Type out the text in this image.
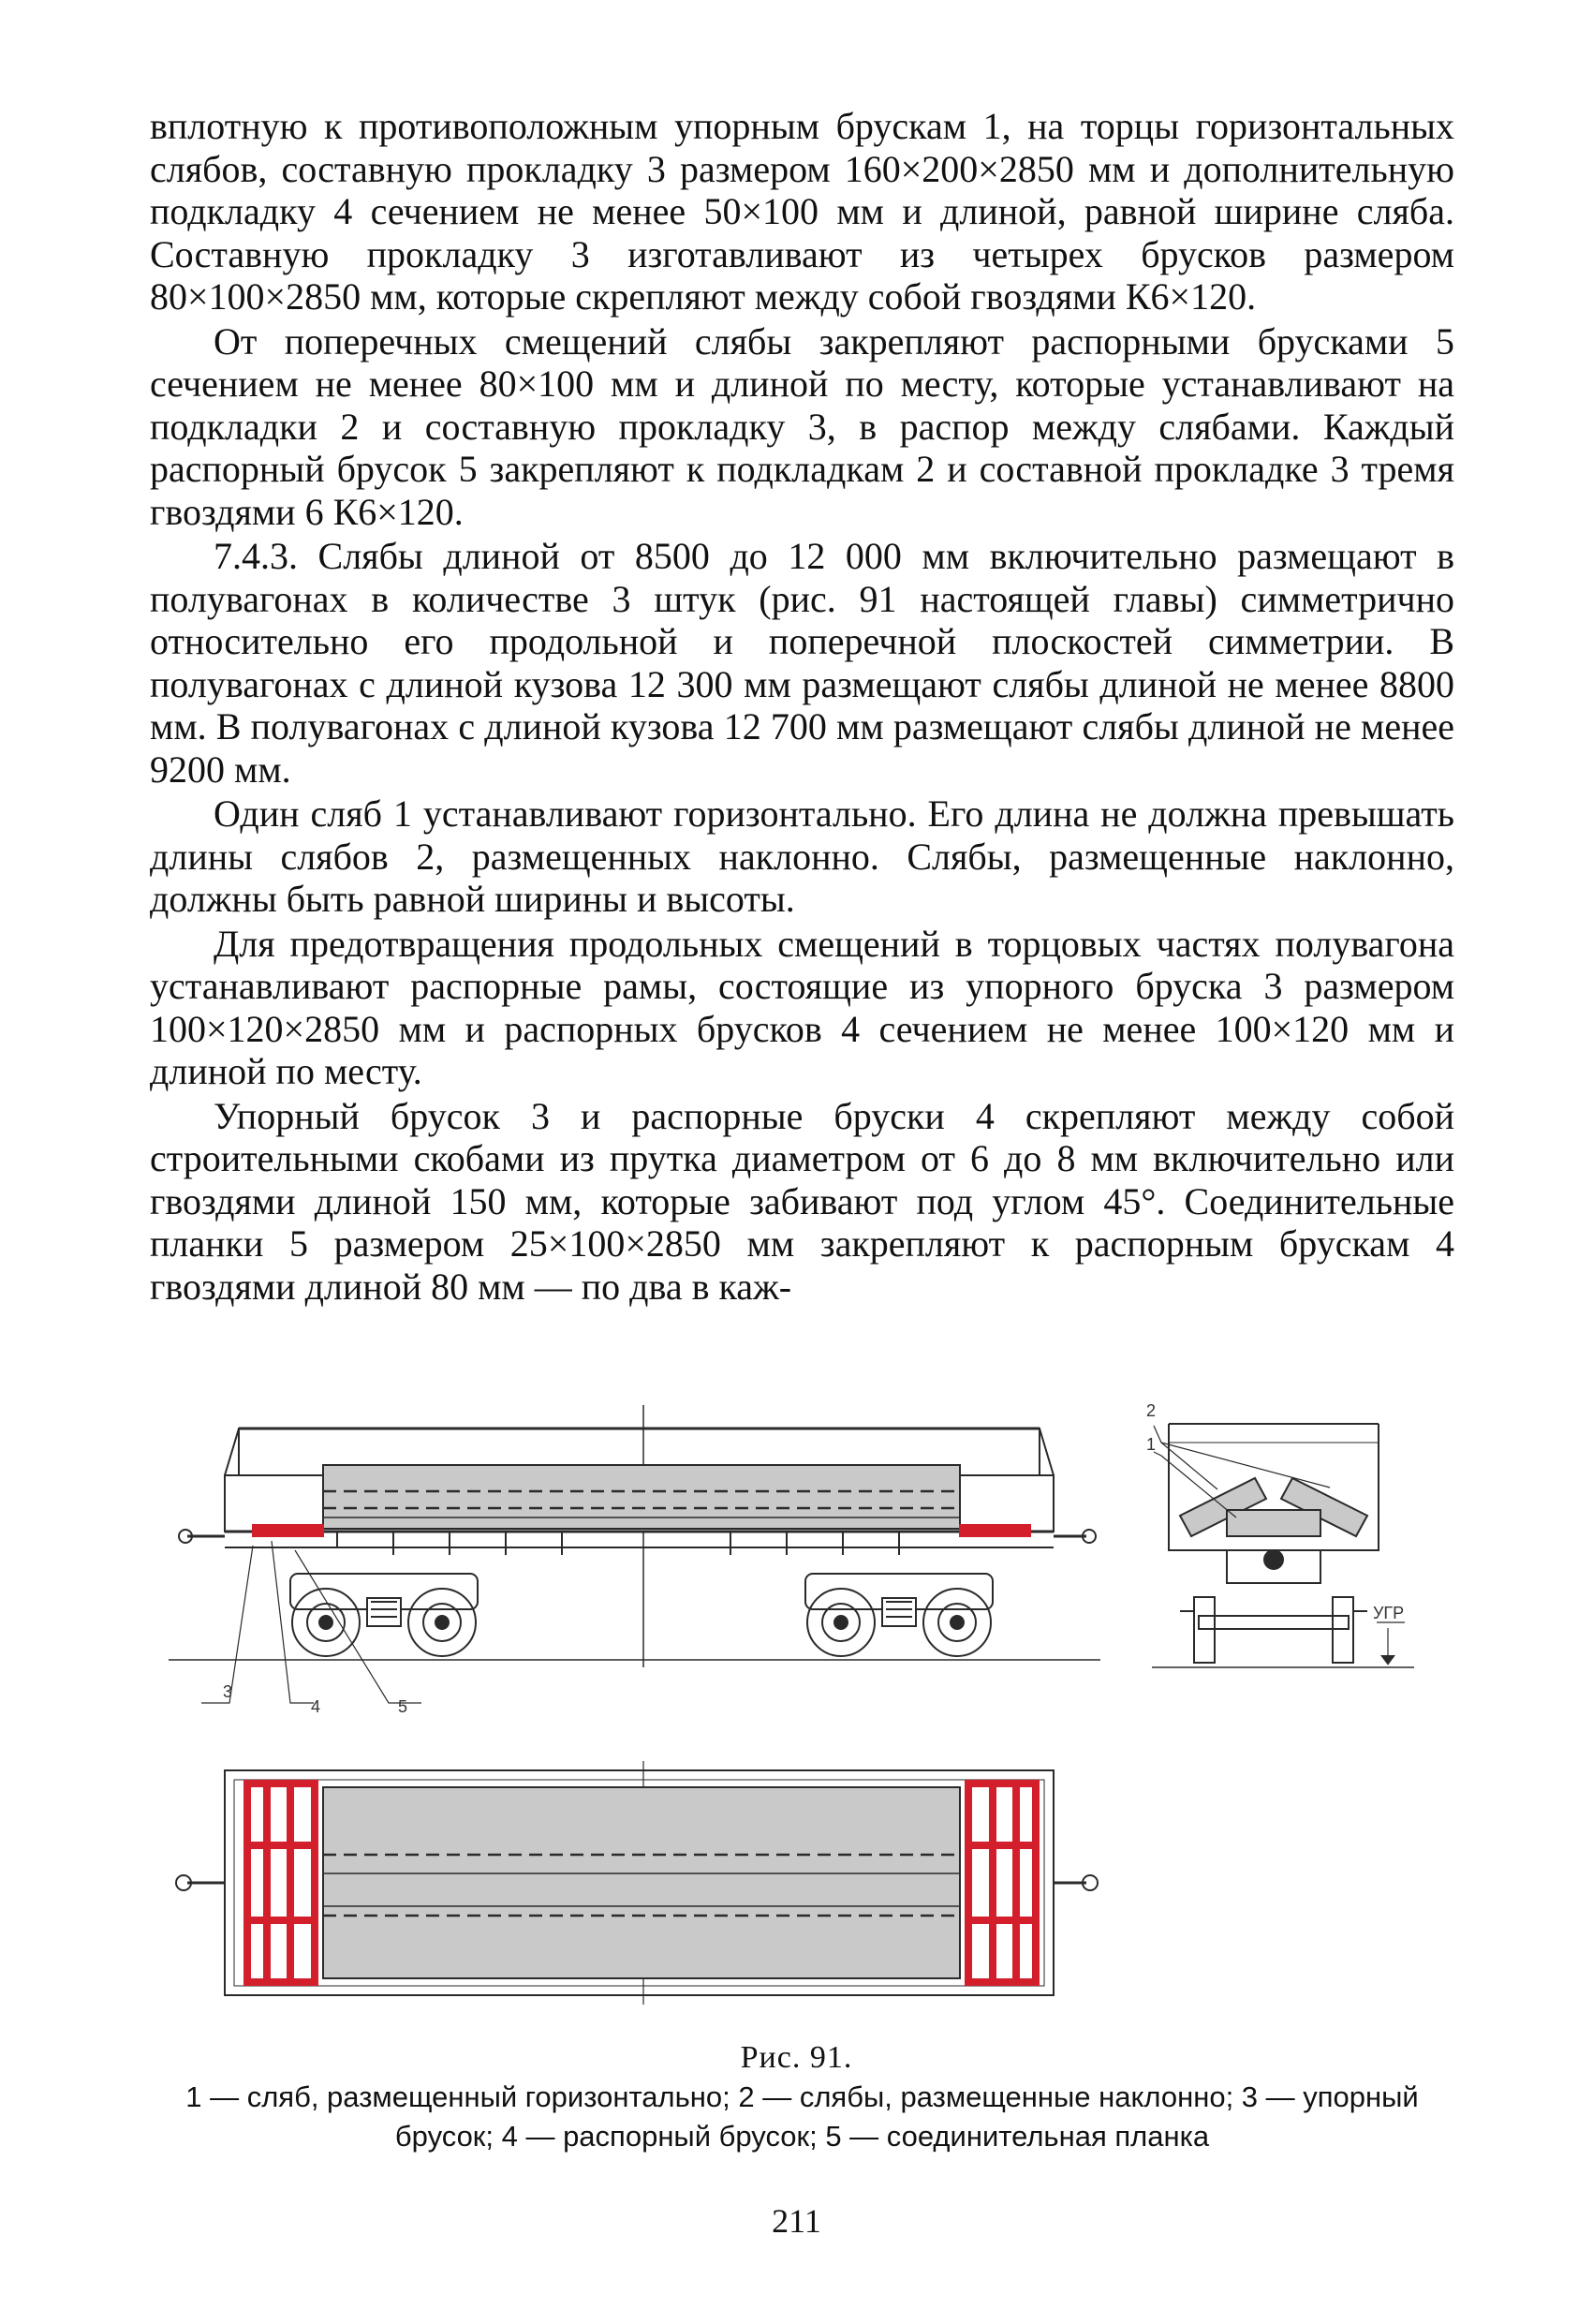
вплотную к противоположным упорным брускам 1, на торцы горизонтальных слябов, составную прокладку 3 размером 160×200×2850 мм и дополнительную подкладку 4 сечением не менее 50×100 мм и длиной, равной ширине сляба. Составную прокладку 3 изготавливают из четырех брусков размером 80×100×2850 мм, которые скрепляют между собой гвоздями К6×120.

От поперечных смещений слябы закрепляют распорными брусками 5 сечением не менее 80×100 мм и длиной по месту, которые устанавливают на подкладки 2 и составную прокладку 3, в распор между слябами. Каждый распорный брусок 5 закрепляют к подкладкам 2 и составной прокладке 3 тремя гвоздями 6 К6×120.

7.4.3. Слябы длиной от 8500 до 12 000 мм включительно размещают в полувагонах в количестве 3 штук (рис. 91 настоящей главы) симметрично относительно его продольной и поперечной плоскостей симметрии. В полувагонах с длиной кузова 12 300 мм размещают слябы длиной не менее 8800 мм. В полувагонах с длиной кузова 12 700 мм размещают слябы длиной не менее 9200 мм.

Один сляб 1 устанавливают горизонтально. Его длина не должна превышать длины слябов 2, размещенных наклонно. Слябы, размещенные наклонно, должны быть равной ширины и высоты.

Для предотвращения продольных смещений в торцовых частях полувагона устанавливают распорные рамы, состоящие из упорного бруска 3 размером 100×120×2850 мм и распорных брусков 4 сечением не менее 100×120 мм и длиной по месту.

Упорный брусок 3 и распорные бруски 4 скрепляют между собой строительными скобами из прутка диаметром от 6 до 8 мм включительно или гвоздями длиной 150 мм, которые забивают под углом 45°. Соединительные планки 5 размером 25×100×2850 мм закрепляют к распорным брускам 4 гвоздями длиной 80 мм — по два в каж-

3
4	5
2
1
УГР
Рис. 91.
1 — сляб, размещенный горизонтально; 2 — слябы, размещенные наклонно; 3 — упорный брусок; 4 — распорный брусок; 5 — соединительная планка
211
